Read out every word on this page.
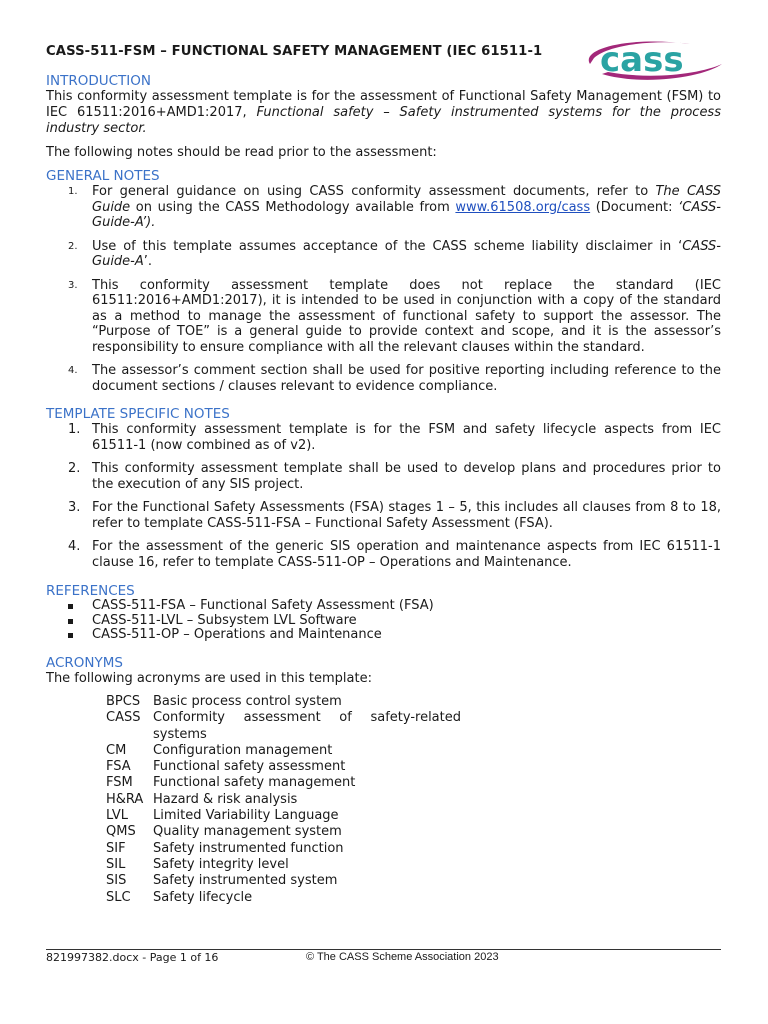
CASS-511-FSM – FUNCTIONAL SAFETY MANAGEMENT (IEC 61511-1 cass
INTRODUCTION
This conformity assessment template is for the assessment of Functional Safety Management (FSM) to IEC 61511:2016+AMD1:2017, Functional safety – Safety instrumented systems for the process industry sector.
The following notes should be read prior to the assessment:
GENERAL NOTES
1. For general guidance on using CASS conformity assessment documents, refer to The CASS Guide on using the CASS Methodology available from www.61508.org/cass (Document: ‘CASS-Guide-A’).
2. Use of this template assumes acceptance of the CASS scheme liability disclaimer in ‘CASS-Guide-A’.
3. This conformity assessment template does not replace the standard (IEC 61511:2016+AMD1:2017), it is intended to be used in conjunction with a copy of the standard as a method to manage the assessment of functional safety to support the assessor. The “Purpose of TOE” is a general guide to provide context and scope, and it is the assessor’s responsibility to ensure compliance with all the relevant clauses within the standard.
4. The assessor’s comment section shall be used for positive reporting including reference to the document sections / clauses relevant to evidence compliance.
TEMPLATE SPECIFIC NOTES
1. This conformity assessment template is for the FSM and safety lifecycle aspects from IEC 61511-1 (now combined as of v2).
2. This conformity assessment template shall be used to develop plans and procedures prior to the execution of any SIS project.
3. For the Functional Safety Assessments (FSA) stages 1 – 5, this includes all clauses from 8 to 18, refer to template CASS-511-FSA – Functional Safety Assessment (FSA).
4. For the assessment of the generic SIS operation and maintenance aspects from IEC 61511-1 clause 16, refer to template CASS-511-OP – Operations and Maintenance.
REFERENCES
CASS-511-FSA – Functional Safety Assessment (FSA)
CASS-511-LVL – Subsystem LVL Software
CASS-511-OP – Operations and Maintenance
ACRONYMS
The following acronyms are used in this template:
BPCS Basic process control system
CASS Conformity assessment of safety-related systems
CM	Configuration management
FSA	Functional safety assessment
FSM	Functional safety management
H&RA Hazard & risk analysis
LVL	Limited Variability Language
QMS	Quality management system
SIF	Safety instrumented function
SIL	Safety integrity level
SIS	Safety instrumented system
SLC	Safety lifecycle
821997382.docx - Page 1 of 16	© The CASS Scheme Association 2023
